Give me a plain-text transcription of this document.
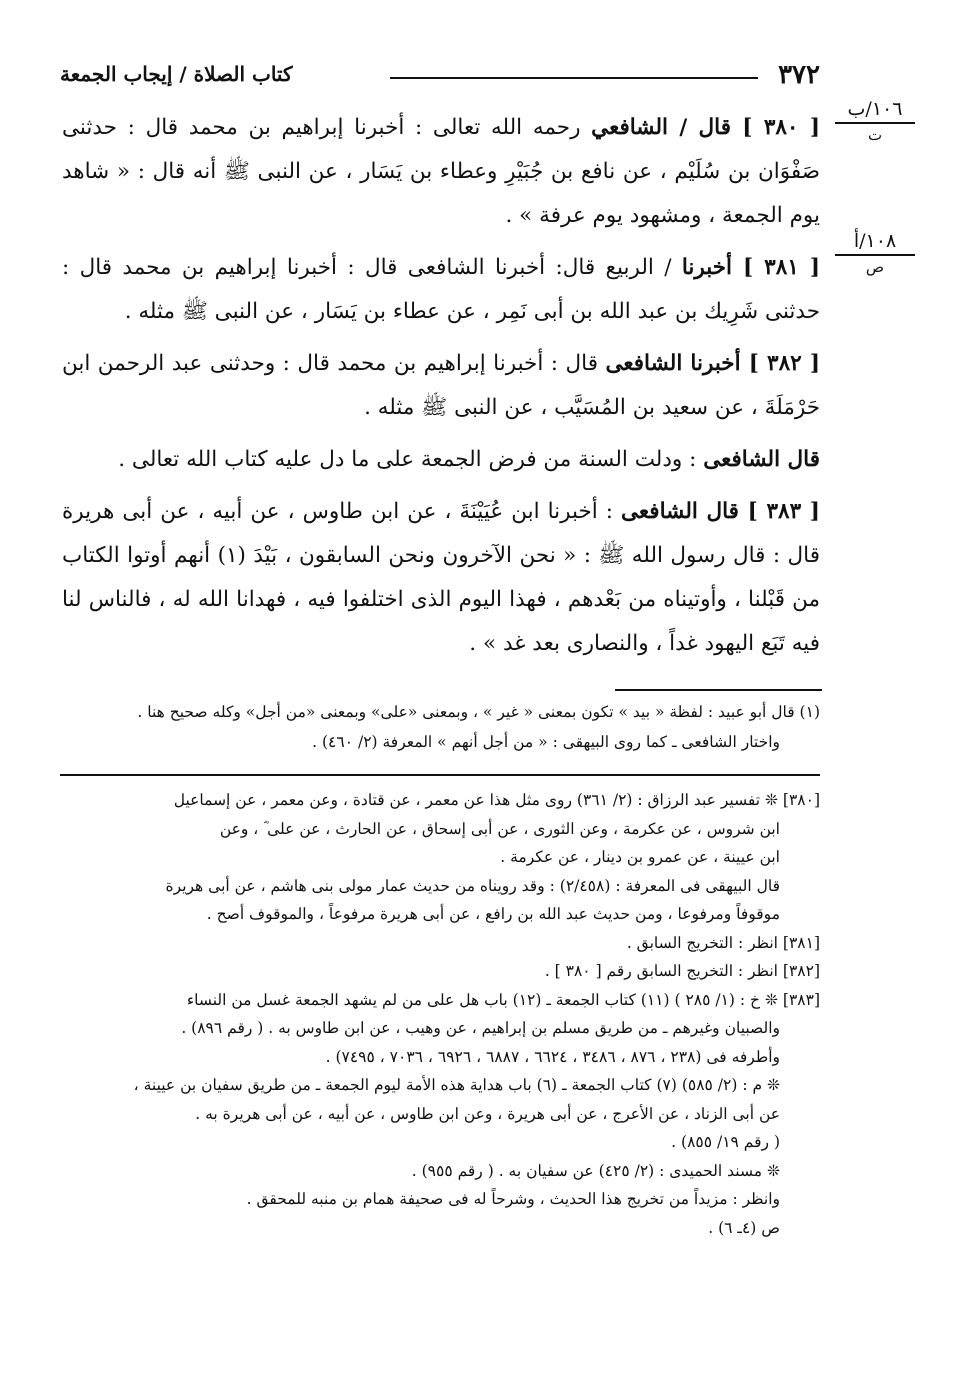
٣٧٢
كتاب الصلاة / إيجاب الجمعة
١٠٦/ب
ت
١٠٨/أ
ص

[ ٣٨٠ ] قال / الشافعي رحمه الله تعالى : أخبرنا إبراهيم بن محمد قال : حدثنى صَفْوَان بن سُلَيْم ، عن نافع بن جُبَيْرِ وعطاء بن يَسَار ، عن النبى ﷺ أنه قال : « شاهد يوم الجمعة ، ومشهود يوم عرفة » .

[ ٣٨١ ] أخبرنا / الربيع قال: أخبرنا الشافعى قال : أخبرنا إبراهيم بن محمد قال : حدثنى شَرِيك بن عبد الله بن أبى نَمِر ، عن عطاء بن يَسَار ، عن النبى ﷺ مثله .

[ ٣٨٢ ] أخبرنا الشافعى قال : أخبرنا إبراهيم بن محمد قال : وحدثنى عبد الرحمن ابن حَرْمَلَةَ ، عن سعيد بن المُسَيَّب ، عن النبى ﷺ مثله .

قال الشافعى : ودلت السنة من فرض الجمعة على ما دل عليه كتاب الله تعالى .

[ ٣٨٣ ] قال الشافعى : أخبرنا ابن عُيَيْنَةَ ، عن ابن طاوس ، عن أبيه ، عن أبى هريرة قال : قال رسول الله ﷺ : « نحن الآخرون ونحن السابقون ، بَيْدَ (١) أنهم أوتوا الكتاب من قَبْلنا ، وأوتيناه من بَعْدهم ، فهذا اليوم الذى اختلفوا فيه ، فهدانا الله له ، فالناس لنا فيه تَبَع اليهود غداً ، والنصارى بعد غد » .

(١) قال أبو عبيد : لفظة « بيد » تكون بمعنى « غير » ، وبمعنى «على» وبمعنى «من أجل» وكله صحيح هنا .
واختار الشافعى ـ كما روى البيهقى : « من أجل أنهم » المعرفة (٢/ ٤٦٠) .

[٣٨٠] ❊ تفسير عبد الرزاق : (٢/ ٣٦١) روى مثل هذا عن معمر ، عن قتادة ، وعن معمر ، عن إسماعيل

ابن شروس ، عن عكرمة ، وعن الثورى ، عن أبى إسحاق ، عن الحارث ، عن على ؓ ، وعن

ابن عيينة ، عن عمرو بن دينار ، عن عكرمة .

قال البيهقى فى المعرفة : (٢/٤٥٨) : وقد رويناه من حديث عمار مولى بنى هاشم ، عن أبى هريرة

موقوفاً ومرفوعا ، ومن حديث عبد الله بن رافع ، عن أبى هريرة مرفوعاً ، والموقوف أصح .

[٣٨١] انظر : التخريج السابق .

[٣٨٢] انظر : التخريج السابق رقم [ ٣٨٠ ] .

[٣٨٣] ❊ خ : (١/ ٢٨٥ ) (١١) كتاب الجمعة ـ (١٢) باب هل على من لم يشهد الجمعة غسل من النساء

والصبيان وغيرهم ـ من طريق مسلم بن إبراهيم ، عن وهيب ، عن ابن طاوس به . ( رقم ٨٩٦) .

وأطرفه فى (٢٣٨ ، ٨٧٦ ، ٣٤٨٦ ، ٦٦٢٤ ، ٦٨٨٧ ، ٦٩٢٦ ، ٧٠٣٦ ، ٧٤٩٥) .

❊ م : (٢/ ٥٨٥) (٧) كتاب الجمعة ـ (٦) باب هداية هذه الأمة ليوم الجمعة ـ من طريق سفيان بن عيينة ،

عن أبى الزناد ، عن الأعرج ، عن أبى هريرة ، وعن ابن طاوس ، عن أبيه ، عن أبى هريرة به .

( رقم ١٩/ ٨٥٥) .

❊ مسند الحميدى : (٢/ ٤٢٥) عن سفيان به . ( رقم ٩٥٥) .

وانظر : مزيداً من تخريج هذا الحديث ، وشرحاً له فى صحيفة همام بن منبه للمحقق .

ص (٤ـ ٦) .
